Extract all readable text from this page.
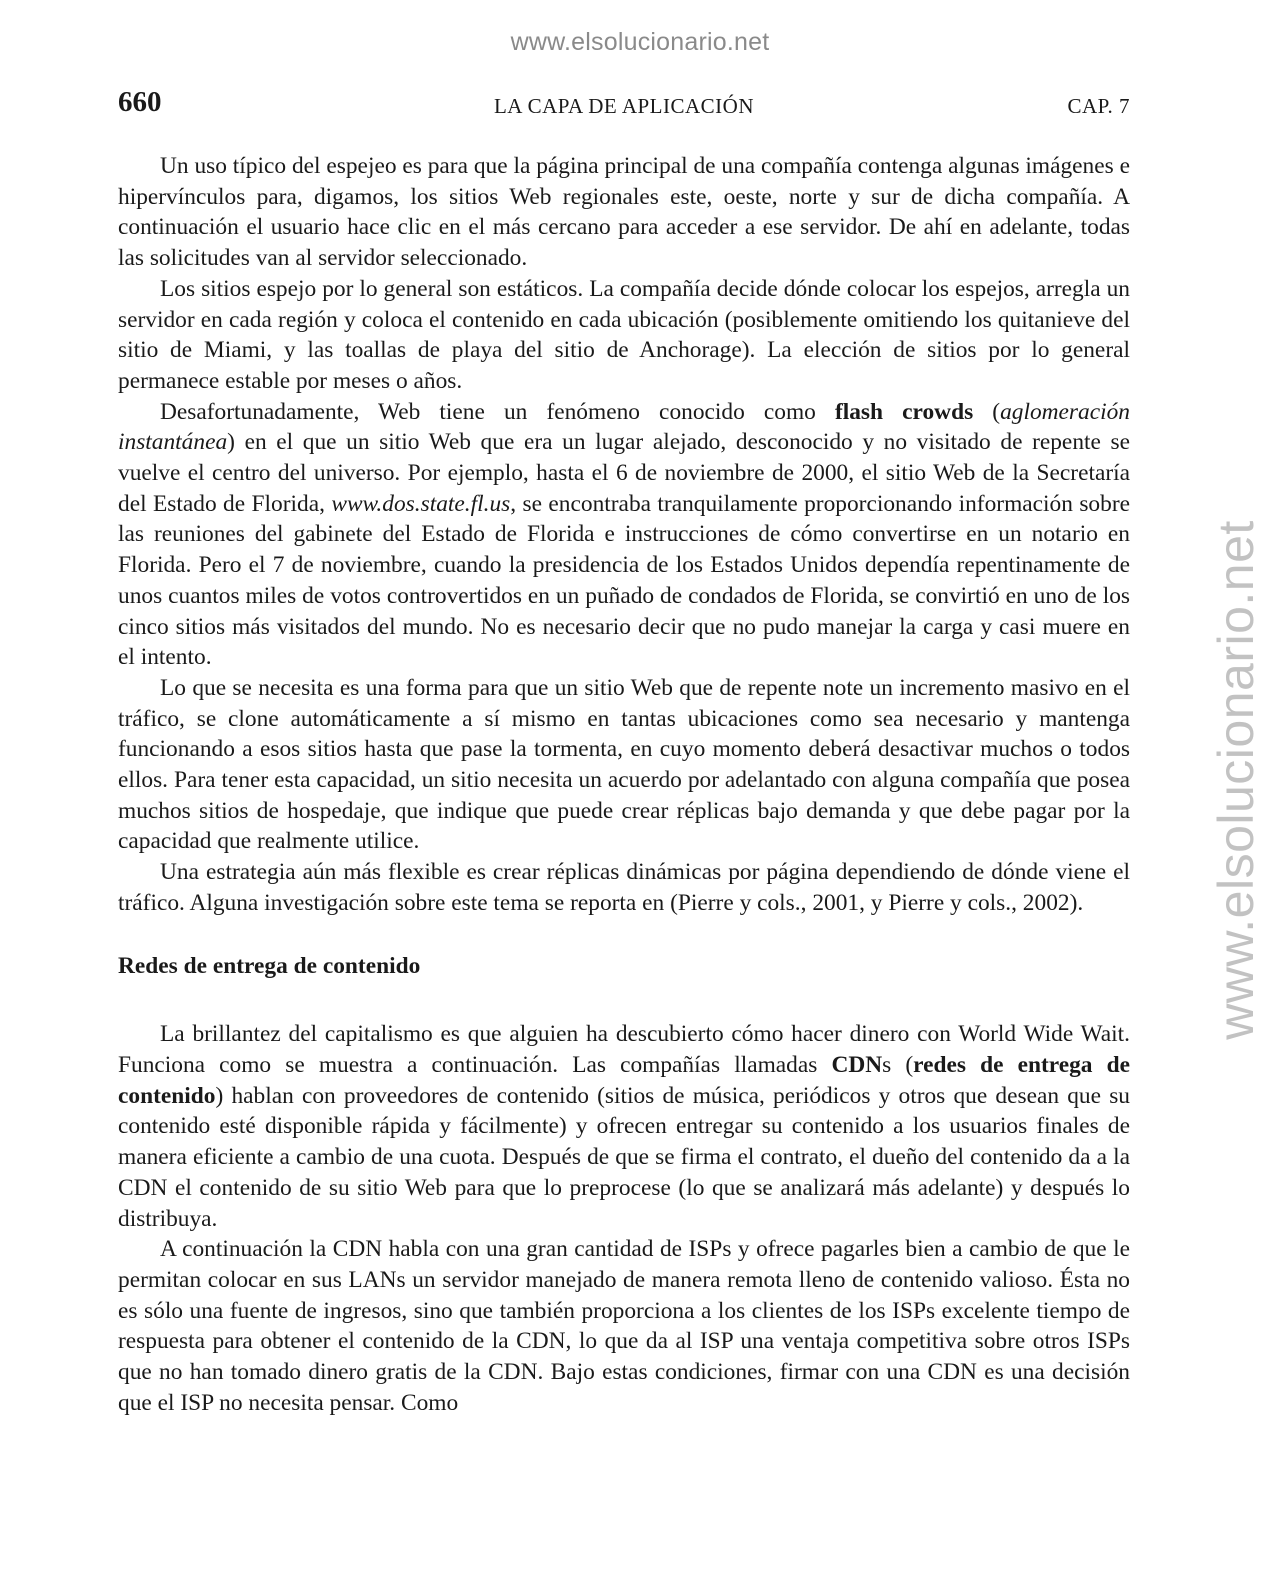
www.elsolucionario.net
www.elsolucionario.net
660	LA CAPA DE APLICACIÓN	CAP. 7

Un uso típico del espejeo es para que la página principal de una compañía contenga algunas imágenes e hipervínculos para, digamos, los sitios Web regionales este, oeste, norte y sur de dicha compañía. A continuación el usuario hace clic en el más cercano para acceder a ese servidor. De ahí en adelante, todas las solicitudes van al servidor seleccionado.

Los sitios espejo por lo general son estáticos. La compañía decide dónde colocar los espejos, arregla un servidor en cada región y coloca el contenido en cada ubicación (posiblemente omitiendo los quitanieve del sitio de Miami, y las toallas de playa del sitio de Anchorage). La elección de sitios por lo general permanece estable por meses o años.

Desafortunadamente, Web tiene un fenómeno conocido como flash crowds (aglomeración instantánea) en el que un sitio Web que era un lugar alejado, desconocido y no visitado de repente se vuelve el centro del universo. Por ejemplo, hasta el 6 de noviembre de 2000, el sitio Web de la Secretaría del Estado de Florida, www.dos.state.fl.us, se encontraba tranquilamente proporcionando información sobre las reuniones del gabinete del Estado de Florida e instrucciones de cómo convertirse en un notario en Florida. Pero el 7 de noviembre, cuando la presidencia de los Estados Unidos dependía repentinamente de unos cuantos miles de votos controvertidos en un puñado de condados de Florida, se convirtió en uno de los cinco sitios más visitados del mundo. No es necesario decir que no pudo manejar la carga y casi muere en el intento.

Lo que se necesita es una forma para que un sitio Web que de repente note un incremento masivo en el tráfico, se clone automáticamente a sí mismo en tantas ubicaciones como sea necesario y mantenga funcionando a esos sitios hasta que pase la tormenta, en cuyo momento deberá desactivar muchos o todos ellos. Para tener esta capacidad, un sitio necesita un acuerdo por adelantado con alguna compañía que posea muchos sitios de hospedaje, que indique que puede crear réplicas bajo demanda y que debe pagar por la capacidad que realmente utilice.

Una estrategia aún más flexible es crear réplicas dinámicas por página dependiendo de dónde viene el tráfico. Alguna investigación sobre este tema se reporta en (Pierre y cols., 2001, y Pierre y cols., 2002).

Redes de entrega de contenido

La brillantez del capitalismo es que alguien ha descubierto cómo hacer dinero con World Wide Wait. Funciona como se muestra a continuación. Las compañías llamadas CDNs (redes de entrega de contenido) hablan con proveedores de contenido (sitios de música, periódicos y otros que desean que su contenido esté disponible rápida y fácilmente) y ofrecen entregar su contenido a los usuarios finales de manera eficiente a cambio de una cuota. Después de que se firma el contrato, el dueño del contenido da a la CDN el contenido de su sitio Web para que lo preprocese (lo que se analizará más adelante) y después lo distribuya.

A continuación la CDN habla con una gran cantidad de ISPs y ofrece pagarles bien a cambio de que le permitan colocar en sus LANs un servidor manejado de manera remota lleno de contenido valioso. Ésta no es sólo una fuente de ingresos, sino que también proporciona a los clientes de los ISPs excelente tiempo de respuesta para obtener el contenido de la CDN, lo que da al ISP una ventaja competitiva sobre otros ISPs que no han tomado dinero gratis de la CDN. Bajo estas condiciones, firmar con una CDN es una decisión que el ISP no necesita pensar. Como
